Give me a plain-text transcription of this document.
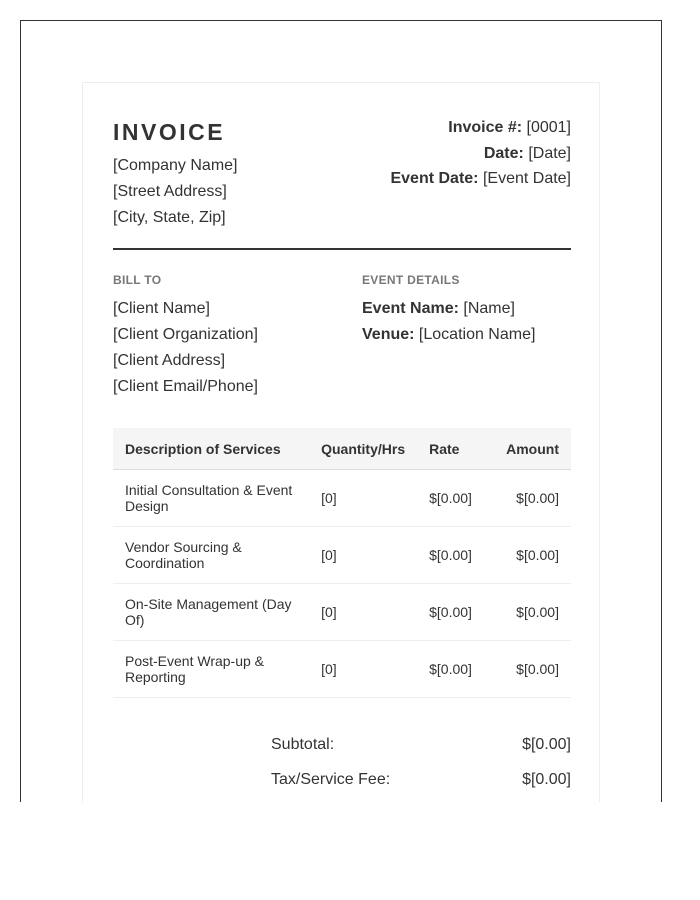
INVOICE
[Company Name]
[Street Address]
[City, State, Zip]
Invoice #: [0001]
Date: [Date]
Event Date: [Event Date]
BILL TO
[Client Name]
[Client Organization]
[Client Address]
[Client Email/Phone]
EVENT DETAILS
Event Name: [Name]
Venue: [Location Name]
Description of Services	Quantity/Hrs	Rate	Amount
Initial Consultation & Event Design	[0]	$[0.00]	$[0.00]
Vendor Sourcing & Coordination	[0]	$[0.00]	$[0.00]
On-Site Management (Day Of)	[0]	$[0.00]	$[0.00]
Post-Event Wrap-up & Reporting	[0]	$[0.00]	$[0.00]
Subtotal:	$[0.00]
Tax/Service Fee:	$[0.00]
